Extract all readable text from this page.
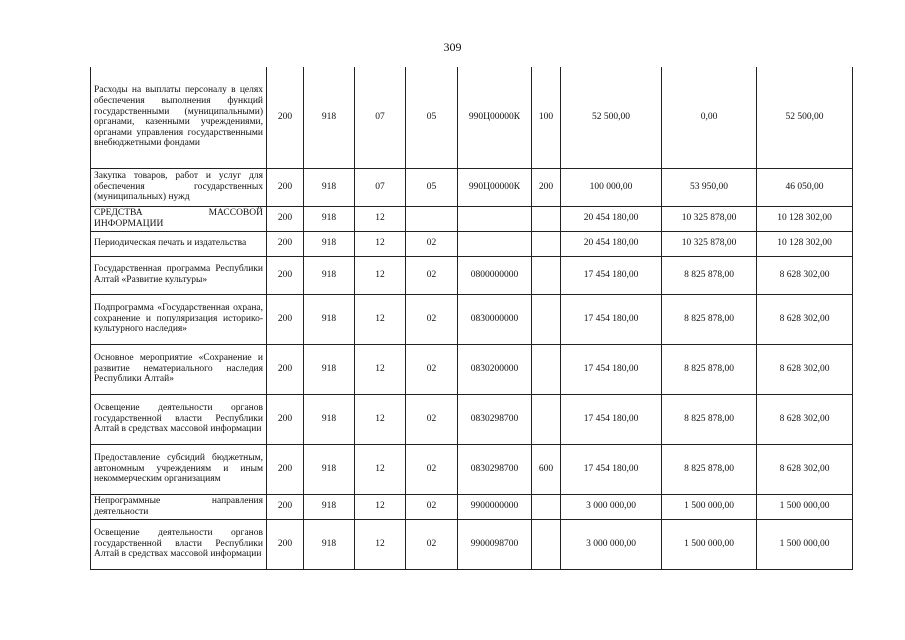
309
Расходы на выплаты персоналу в целях обеспечения выполнения функций государственными (муниципальными) органами, казенными учреждениями, органами управления государственными внебюджетными фондами	200	918	07	05	990Ц00000К	100	52 500,00	0,00	52 500,00
Закупка товаров, работ и услуг для обеспечения государственных (муниципальных) нужд	200	918	07	05	990Ц00000К	200	100 000,00	53 950,00	46 050,00
СРЕДСТВА МАССОВОЙ ИНФОРМАЦИИ	200	918	12				20 454 180,00	10 325 878,00	10 128 302,00
Периодическая печать и издательства	200	918	12	02			20 454 180,00	10 325 878,00	10 128 302,00
Государственная программа Республики Алтай «Развитие культуры»	200	918	12	02	0800000000		17 454 180,00	8 825 878,00	8 628 302,00
Подпрограмма «Государственная охрана, сохранение и популяризация историко-культурного наследия»	200	918	12	02	0830000000		17 454 180,00	8 825 878,00	8 628 302,00
Основное мероприятие «Сохранение и развитие нематериального наследия Республики Алтай»	200	918	12	02	0830200000		17 454 180,00	8 825 878,00	8 628 302,00
Освещение деятельности органов государственной власти Республики Алтай в средствах массовой информации	200	918	12	02	0830298700		17 454 180,00	8 825 878,00	8 628 302,00
Предоставление субсидий бюджетным, автономным учреждениям и иным некоммерческим организациям	200	918	12	02	0830298700	600	17 454 180,00	8 825 878,00	8 628 302,00
Непрограммные направления деятельности	200	918	12	02	9900000000		3 000 000,00	1 500 000,00	1 500 000,00
Освещение деятельности органов государственной власти Республики Алтай в средствах массовой информации	200	918	12	02	9900098700		3 000 000,00	1 500 000,00	1 500 000,00
